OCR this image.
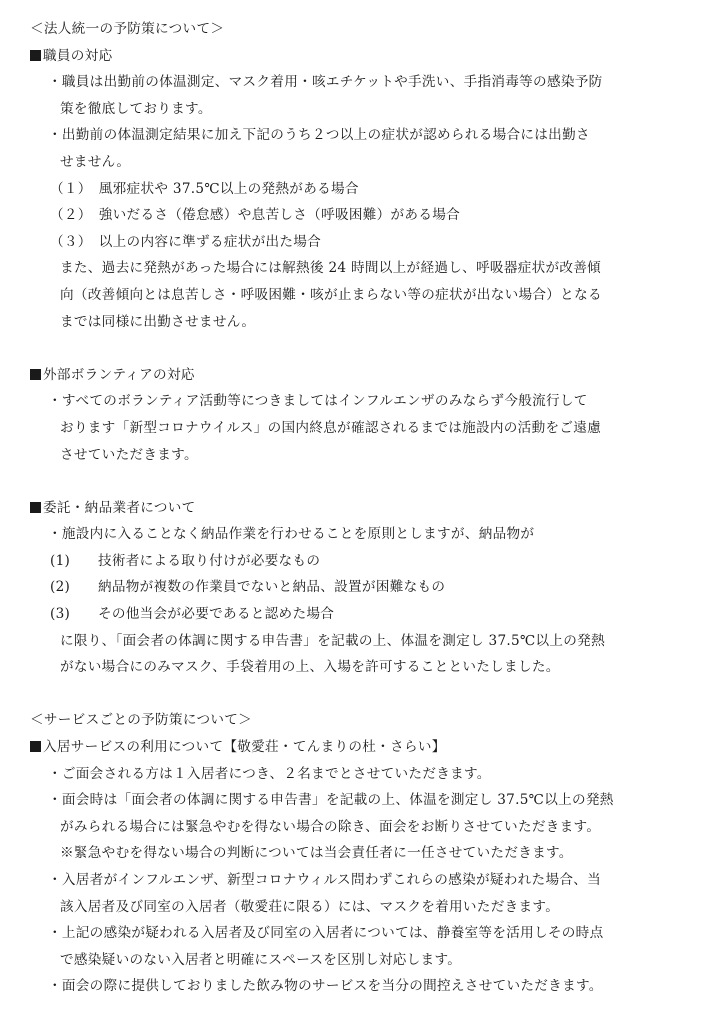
＜法人統一の予防策について＞
職員の対応
・職員は出勤前の体温測定、マスク着用・咳エチケットや手洗い、手指消毒等の感染予防
策を徹底しております。
・出勤前の体温測定結果に加え下記のうち２つ以上の症状が認められる場合には出勤さ
せません。
（１）　風邪症状や 37.5℃以上の発熱がある場合
（２）　強いだるさ（倦怠感）や息苦しさ（呼吸困難）がある場合
（３）　以上の内容に準ずる症状が出た場合
また、過去に発熱があった場合には解熱後 24 時間以上が経過し、呼吸器症状が改善傾
向（改善傾向とは息苦しさ・呼吸困難・咳が止まらない等の症状が出ない場合）となる
までは同様に出勤させません。
外部ボランティアの対応
・すべてのボランティア活動等につきましてはインフルエンザのみならず今般流行して
おります「新型コロナウイルス」の国内終息が確認されるまでは施設内の活動をご遠慮
させていただきます。
委託・納品業者について
・施設内に入ることなく納品作業を行わせることを原則としますが、納品物が
(1)　　技術者による取り付けが必要なもの
(2)　　納品物が複数の作業員でないと納品、設置が困難なもの
(3)　　その他当会が必要であると認めた場合
に限り、「面会者の体調に関する申告書」を記載の上、体温を測定し 37.5℃以上の発熱
がない場合にのみマスク、手袋着用の上、入場を許可することといたしました。
＜サービスごとの予防策について＞
入居サービスの利用について【敬愛荘・てんまりの杜・さらい】
・ご面会される方は１入居者につき、２名までとさせていただきます。
・面会時は「面会者の体調に関する申告書」を記載の上、体温を測定し 37.5℃以上の発熱
がみられる場合には緊急やむを得ない場合の除き、面会をお断りさせていただきます。
※緊急やむを得ない場合の判断については当会責任者に一任させていただきます。
・入居者がインフルエンザ、新型コロナウィルス問わずこれらの感染が疑われた場合、当
該入居者及び同室の入居者（敬愛荘に限る）には、マスクを着用いただきます。
・上記の感染が疑われる入居者及び同室の入居者については、静養室等を活用しその時点
で感染疑いのない入居者と明確にスペースを区別し対応します。
・面会の際に提供しておりました飲み物のサービスを当分の間控えさせていただきます。
